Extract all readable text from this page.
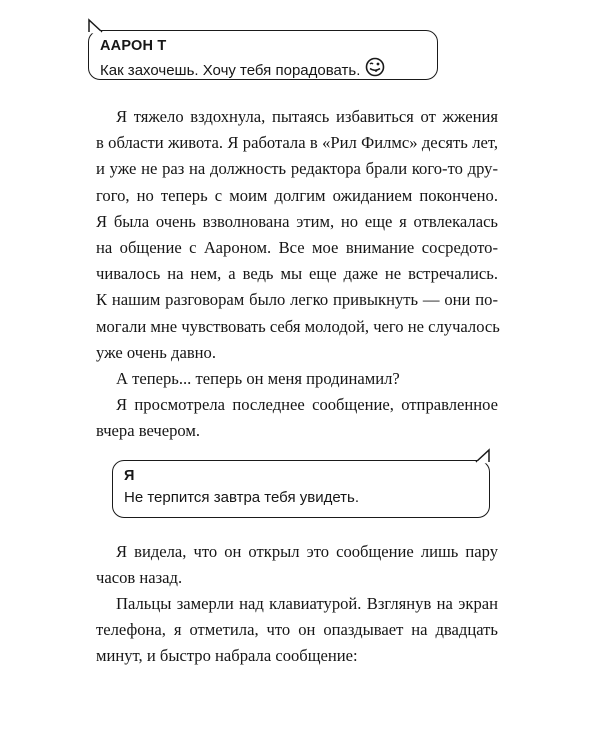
ААРОН Т
Как захочешь. Хочу тебя порадовать.

Я тяжело вздохнула, пытаясь избавиться от жжения
в области живота. Я работала в «Рил Филмс» десять лет,
и уже не раз на должность редактора брали кого-то дру-
гого, но теперь с моим долгим ожиданием покончено.
Я была очень взволнована этим, но еще я отвлекалась
на общение с Аароном. Все мое внимание сосредото-
чивалось на нем, а ведь мы еще даже не встречались.
К нашим разговорам было легко привыкнуть — они по-
могали мне чувствовать себя молодой, чего не случалось
уже очень давно.

А теперь... теперь он меня продинамил?

Я просмотрела последнее сообщение, отправленное
вчера вечером.

Я
Не терпится завтра тебя увидеть.

Я видела, что он открыл это сообщение лишь пару
часов назад.

Пальцы замерли над клавиатурой. Взглянув на экран
телефона, я отметила, что он опаздывает на двадцать
минут, и быстро набрала сообщение:
